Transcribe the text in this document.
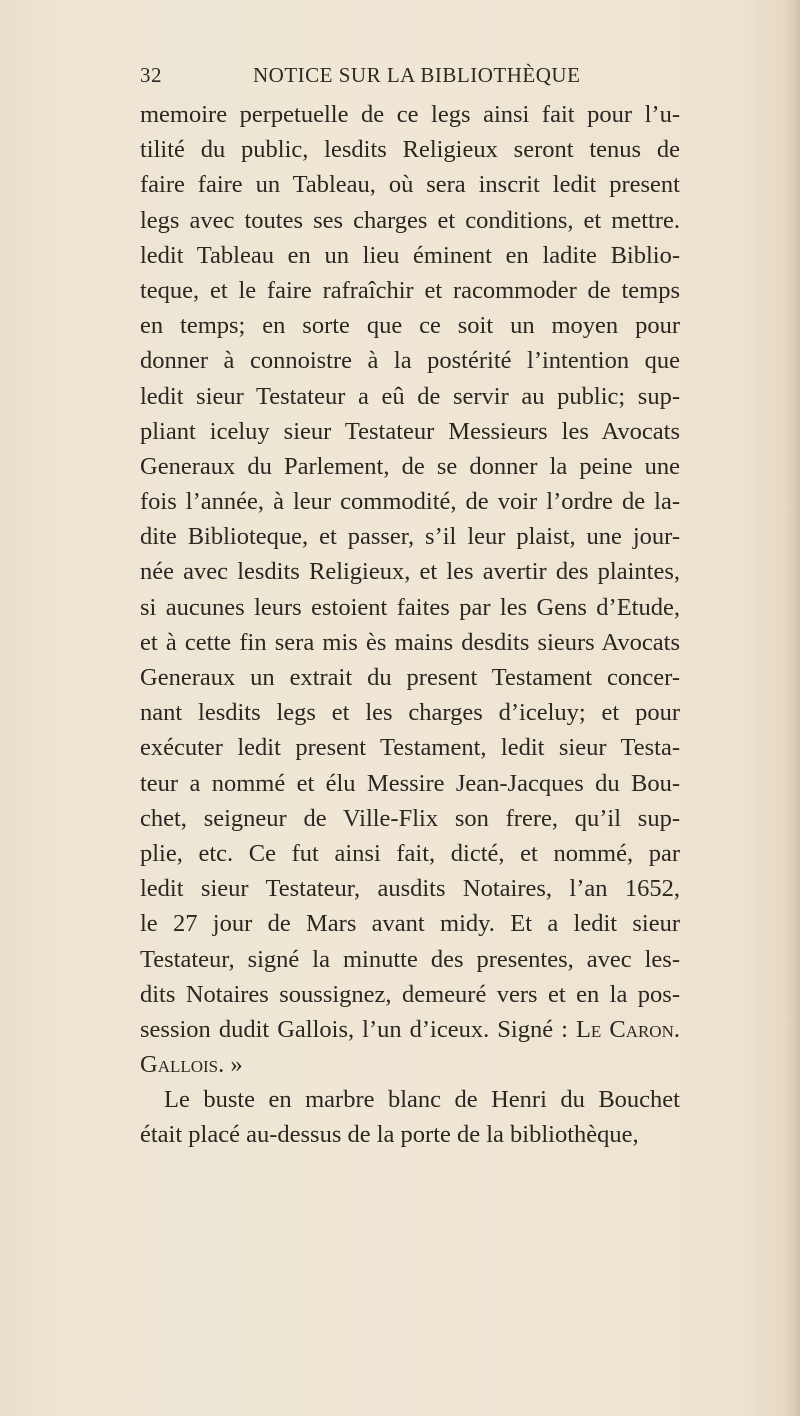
32	NOTICE SUR LA BIBLIOTHÈQUE
memoire perpetuelle de ce legs ainsi fait pour l’u-
tilité du public, lesdits Religieux seront tenus de
faire faire un Tableau, où sera inscrit ledit present
legs avec toutes ses charges et conditions, et mettre.
ledit Tableau en un lieu éminent en ladite Biblio-
teque, et le faire rafraîchir et racommoder de temps
en temps; en sorte que ce soit un moyen pour
donner à connoistre à la postérité l’intention que
ledit sieur Testateur a eû de servir au public; sup-
pliant iceluy sieur Testateur Messieurs les Avocats
Generaux du Parlement, de se donner la peine une
fois l’année, à leur commodité, de voir l’ordre de la-
dite Biblioteque, et passer, s’il leur plaist, une jour-
née avec lesdits Religieux, et les avertir des plaintes,
si aucunes leurs estoient faites par les Gens d’Etude,
et à cette fin sera mis ès mains desdits sieurs Avocats
Generaux un extrait du present Testament concer-
nant lesdits legs et les charges d’iceluy; et pour
exécuter ledit present Testament, ledit sieur Testa-
teur a nommé et élu Messire Jean-Jacques du Bou-
chet, seigneur de Ville-Flix son frere, qu’il sup-
plie, etc. Ce fut ainsi fait, dicté, et nommé, par
ledit sieur Testateur, ausdits Notaires, l’an 1652,
le 27 jour de Mars avant midy. Et a ledit sieur
Testateur, signé la minutte des presentes, avec les-
dits Notaires soussignez, demeuré vers et en la pos-
session dudit Gallois, l’un d’iceux. Signé : Le Caron.
Gallois. »
Le buste en marbre blanc de Henri du Bouchet
était placé au-dessus de la porte de la bibliothèque,
